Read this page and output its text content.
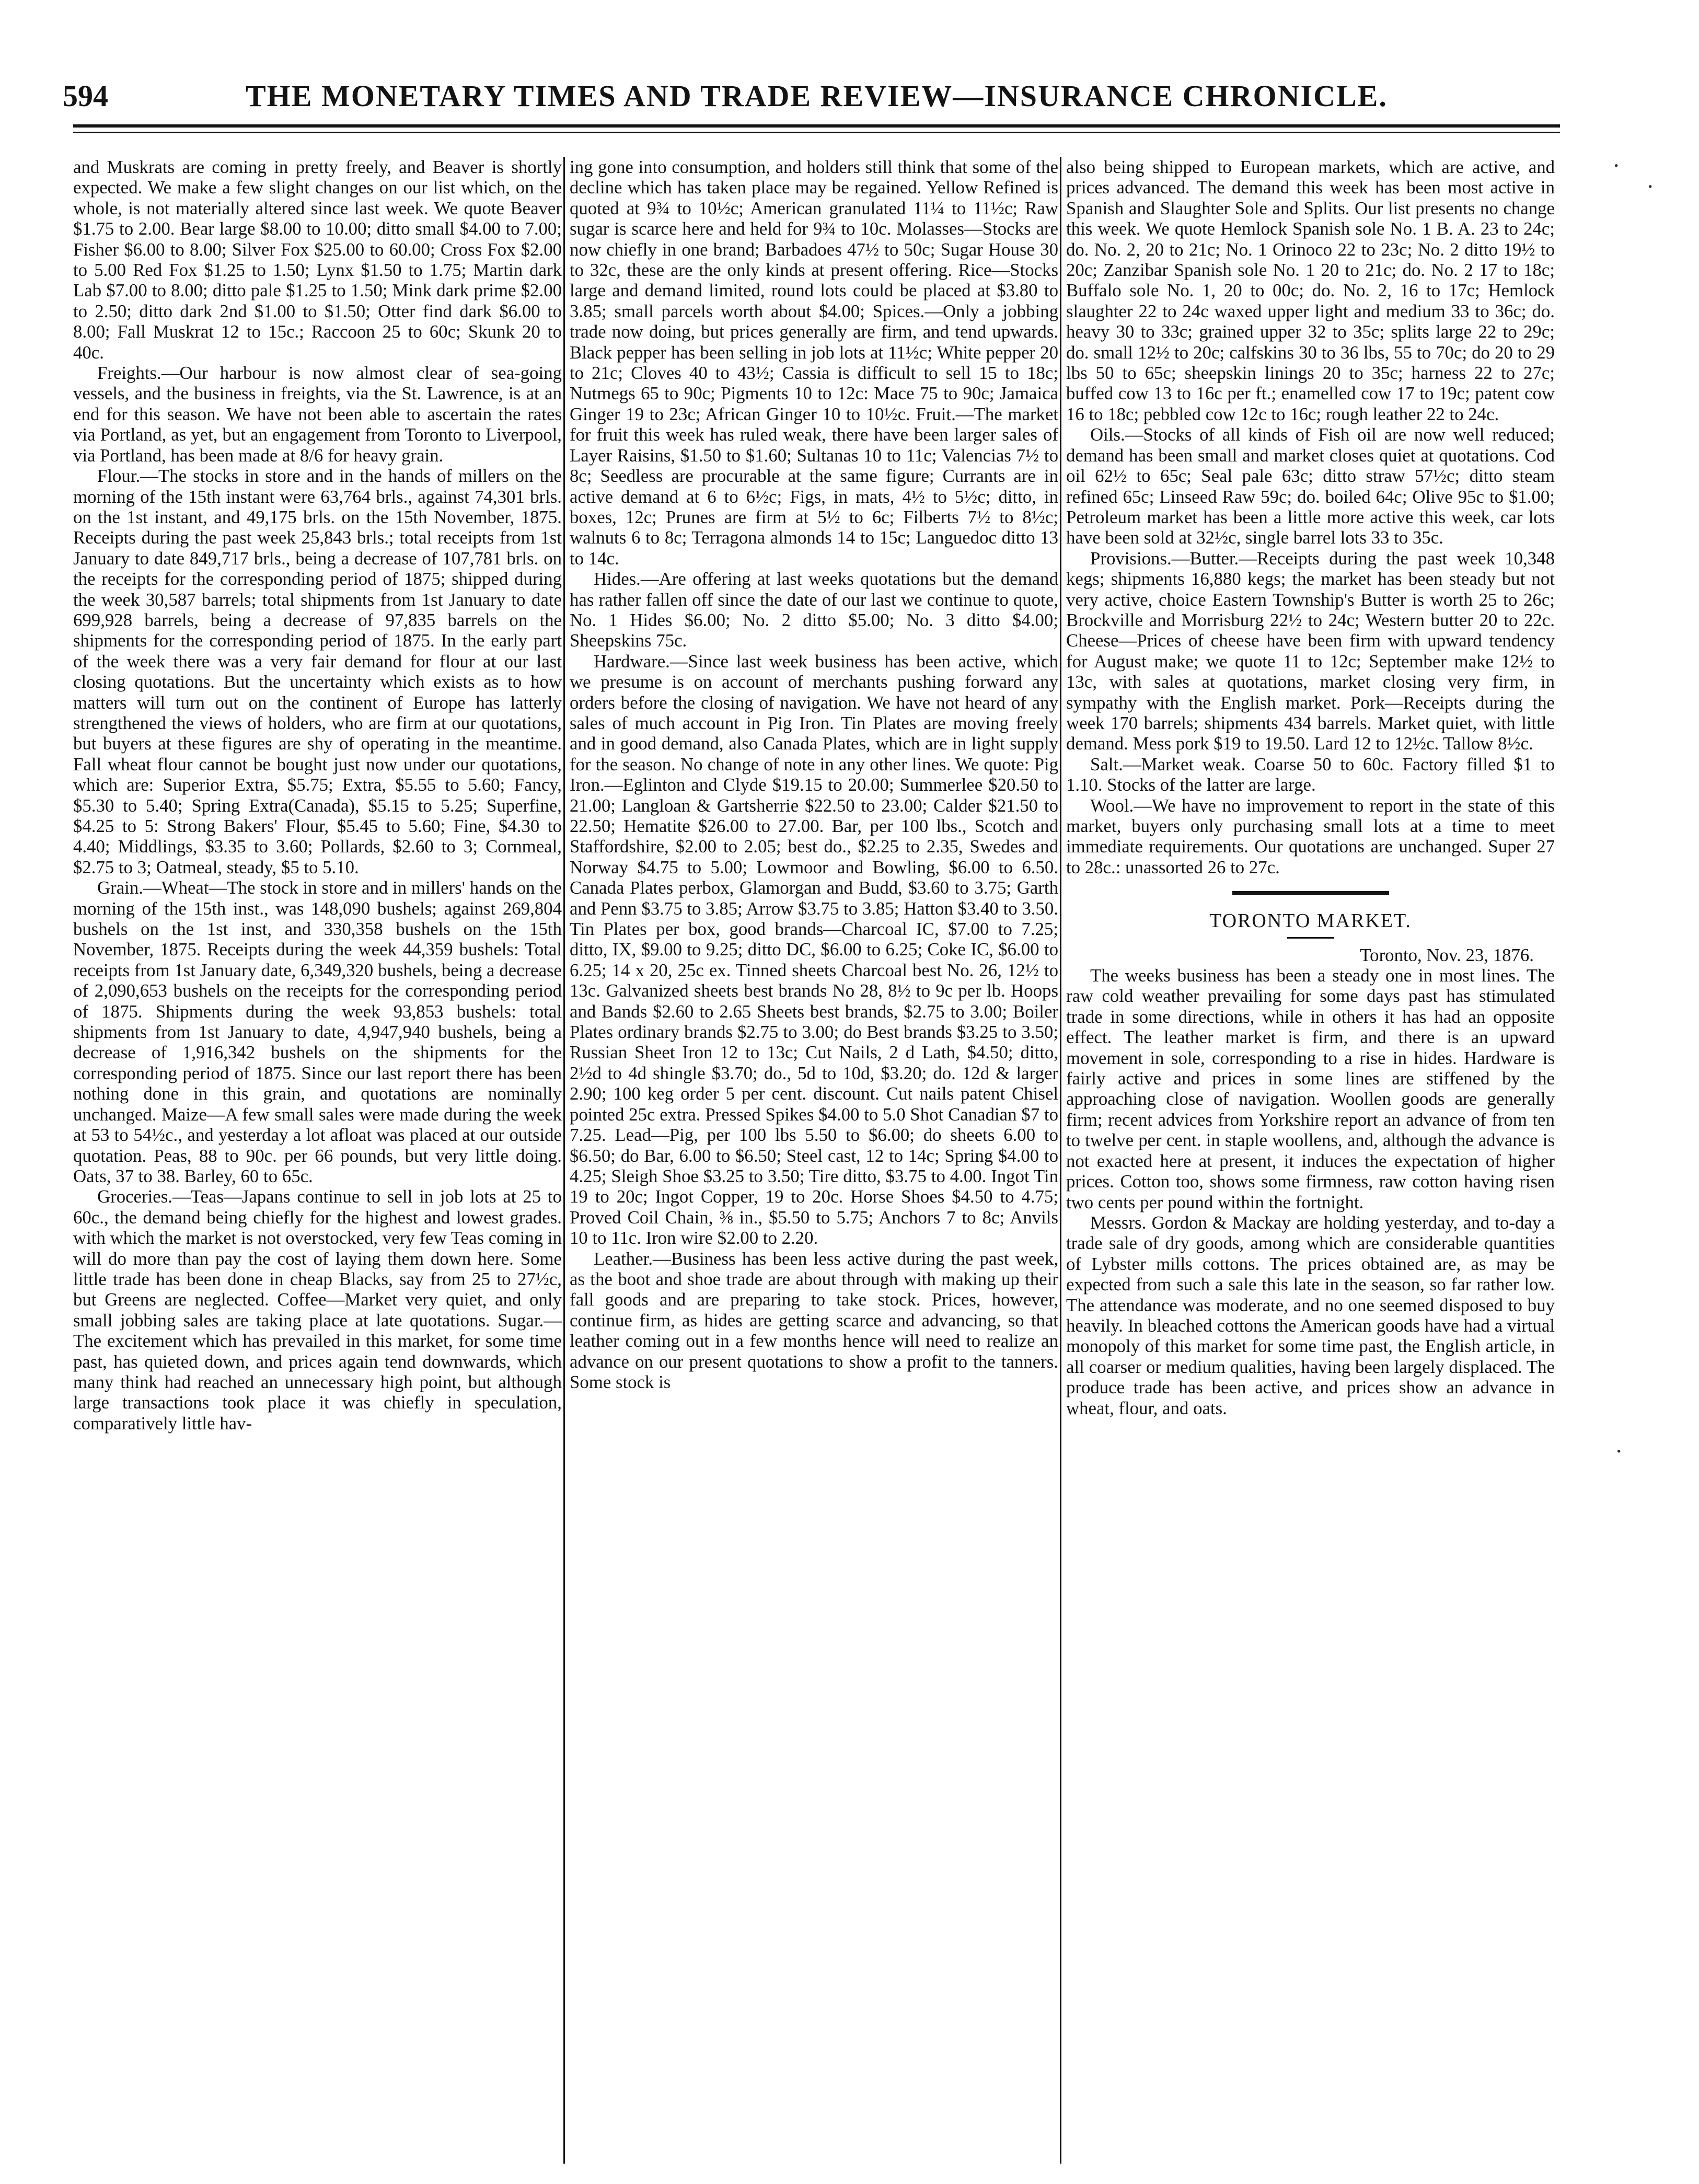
594	THE MONETARY TIMES AND TRADE REVIEW—INSURANCE CHRONICLE.

and Muskrats are coming in pretty freely, and Beaver is shortly expected. We make a few slight changes on our list which, on the whole, is not materially altered since last week. We quote Beaver $1.75 to 2.00. Bear large $8.00 to 10.00; ditto small $4.00 to 7.00; Fisher $6.00 to 8.00; Silver Fox $25.00 to 60.00; Cross Fox $2.00 to 5.00 Red Fox $1.25 to 1.50; Lynx $1.50 to 1.75; Martin dark Lab $7.00 to 8.00; ditto pale $1.25 to 1.50; Mink dark prime $2.00 to 2.50; ditto dark 2nd $1.00 to $1.50; Otter find dark $6.00 to 8.00; Fall Muskrat 12 to 15c.; Raccoon 25 to 60c; Skunk 20 to 40c.

Freights.—Our harbour is now almost clear of sea-going vessels, and the business in freights, via the St. Lawrence, is at an end for this season. We have not been able to ascertain the rates via Portland, as yet, but an engagement from Toronto to Liverpool, via Portland, has been made at 8/6 for heavy grain.

Flour.—The stocks in store and in the hands of millers on the morning of the 15th instant were 63,764 brls., against 74,301 brls. on the 1st instant, and 49,175 brls. on the 15th November, 1875. Receipts during the past week 25,843 brls.; total receipts from 1st January to date 849,717 brls., being a decrease of 107,781 brls. on the receipts for the corresponding period of 1875; shipped during the week 30,587 barrels; total shipments from 1st January to date 699,928 barrels, being a decrease of 97,835 barrels on the shipments for the corresponding period of 1875. In the early part of the week there was a very fair demand for flour at our last closing quotations. But the uncertainty which exists as to how matters will turn out on the continent of Europe has latterly strengthened the views of holders, who are firm at our quotations, but buyers at these figures are shy of operating in the meantime. Fall wheat flour cannot be bought just now under our quotations, which are: Superior Extra, $5.75; Extra, $5.55 to 5.60; Fancy, $5.30 to 5.40; Spring Extra(Canada), $5.15 to 5.25; Superfine, $4.25 to 5: Strong Bakers' Flour, $5.45 to 5.60; Fine, $4.30 to 4.40; Middlings, $3.35 to 3.60; Pollards, $2.60 to 3; Cornmeal, $2.75 to 3; Oatmeal, steady, $5 to 5.10.

Grain.—Wheat—The stock in store and in millers' hands on the morning of the 15th inst., was 148,090 bushels; against 269,804 bushels on the 1st inst, and 330,358 bushels on the 15th November, 1875. Receipts during the week 44,359 bushels: Total receipts from 1st January date, 6,349,320 bushels, being a decrease of 2,090,653 bushels on the receipts for the corresponding period of 1875. Shipments during the week 93,853 bushels: total shipments from 1st January to date, 4,947,940 bushels, being a decrease of 1,916,342 bushels on the shipments for the corresponding period of 1875. Since our last report there has been nothing done in this grain, and quotations are nominally unchanged. Maize—A few small sales were made during the week at 53 to 54½c., and yesterday a lot afloat was placed at our outside quotation. Peas, 88 to 90c. per 66 pounds, but very little doing. Oats, 37 to 38. Barley, 60 to 65c.

Groceries.—Teas—Japans continue to sell in job lots at 25 to 60c., the demand being chiefly for the highest and lowest grades. with which the market is not overstocked, very few Teas coming in will do more than pay the cost of laying them down here. Some little trade has been done in cheap Blacks, say from 25 to 27½c, but Greens are neglected. Coffee—Market very quiet, and only small jobbing sales are taking place at late quotations. Sugar.—The excitement which has prevailed in this market, for some time past, has quieted down, and prices again tend downwards, which many think had reached an unnecessary high point, but although large transactions took place it was chiefly in speculation, comparatively little hav-

ing gone into consumption, and holders still think that some of the decline which has taken place may be regained. Yellow Refined is quoted at 9¾ to 10½c; American granulated 11¼ to 11½c; Raw sugar is scarce here and held for 9¾ to 10c. Molasses—Stocks are now chiefly in one brand; Barbadoes 47½ to 50c; Sugar House 30 to 32c, these are the only kinds at present offering. Rice—Stocks large and demand limited, round lots could be placed at $3.80 to 3.85; small parcels worth about $4.00; Spices.—Only a jobbing trade now doing, but prices generally are firm, and tend upwards. Black pepper has been selling in job lots at 11½c; White pepper 20 to 21c; Cloves 40 to 43½; Cassia is difficult to sell 15 to 18c; Nutmegs 65 to 90c; Pigments 10 to 12c: Mace 75 to 90c; Jamaica Ginger 19 to 23c; African Ginger 10 to 10½c. Fruit.—The market for fruit this week has ruled weak, there have been larger sales of Layer Raisins, $1.50 to $1.60; Sultanas 10 to 11c; Valencias 7½ to 8c; Seedless are procurable at the same figure; Currants are in active demand at 6 to 6½c; Figs, in mats, 4½ to 5½c; ditto, in boxes, 12c; Prunes are firm at 5½ to 6c; Filberts 7½ to 8½c; walnuts 6 to 8c; Terragona almonds 14 to 15c; Languedoc ditto 13 to 14c.

Hides.—Are offering at last weeks quotations but the demand has rather fallen off since the date of our last we continue to quote, No. 1 Hides $6.00; No. 2 ditto $5.00; No. 3 ditto $4.00; Sheepskins 75c.

Hardware.—Since last week business has been active, which we presume is on account of merchants pushing forward any orders before the closing of navigation. We have not heard of any sales of much account in Pig Iron. Tin Plates are moving freely and in good demand, also Canada Plates, which are in light supply for the season. No change of note in any other lines. We quote: Pig Iron.—Eglinton and Clyde $19.15 to 20.00; Summerlee $20.50 to 21.00; Langloan & Gartsherrie $22.50 to 23.00; Calder $21.50 to 22.50; Hematite $26.00 to 27.00. Bar, per 100 lbs., Scotch and Staffordshire, $2.00 to 2.05; best do., $2.25 to 2.35, Swedes and Norway $4.75 to 5.00; Lowmoor and Bowling, $6.00 to 6.50. Canada Plates perbox, Glamorgan and Budd, $3.60 to 3.75; Garth and Penn $3.75 to 3.85; Arrow $3.75 to 3.85; Hatton $3.40 to 3.50. Tin Plates per box, good brands—Charcoal IC, $7.00 to 7.25; ditto, IX, $9.00 to 9.25; ditto DC, $6.00 to 6.25; Coke IC, $6.00 to 6.25; 14 x 20, 25c ex. Tinned sheets Charcoal best No. 26, 12½ to 13c. Galvanized sheets best brands No 28, 8½ to 9c per lb. Hoops and Bands $2.60 to 2.65 Sheets best brands, $2.75 to 3.00; Boiler Plates ordinary brands $2.75 to 3.00; do Best brands $3.25 to 3.50; Russian Sheet Iron 12 to 13c; Cut Nails, 2 d Lath, $4.50; ditto, 2½d to 4d shingle $3.70; do., 5d to 10d, $3.20; do. 12d & larger 2.90; 100 keg order 5 per cent. discount. Cut nails patent Chisel pointed 25c extra. Pressed Spikes $4.00 to 5.0 Shot Canadian $7 to 7.25. Lead—Pig, per 100 lbs 5.50 to $6.00; do sheets 6.00 to $6.50; do Bar, 6.00 to $6.50; Steel cast, 12 to 14c; Spring $4.00 to 4.25; Sleigh Shoe $3.25 to 3.50; Tire ditto, $3.75 to 4.00. Ingot Tin 19 to 20c; Ingot Copper, 19 to 20c. Horse Shoes $4.50 to 4.75; Proved Coil Chain, ⅜ in., $5.50 to 5.75; Anchors 7 to 8c; Anvils 10 to 11c. Iron wire $2.00 to 2.20.

Leather.—Business has been less active during the past week, as the boot and shoe trade are about through with making up their fall goods and are preparing to take stock. Prices, however, continue firm, as hides are getting scarce and advancing, so that leather coming out in a few months hence will need to realize an advance on our present quotations to show a profit to the tanners. Some stock is

also being shipped to European markets, which are active, and prices advanced. The demand this week has been most active in Spanish and Slaughter Sole and Splits. Our list presents no change this week. We quote Hemlock Spanish sole No. 1 B. A. 23 to 24c; do. No. 2, 20 to 21c; No. 1 Orinoco 22 to 23c; No. 2 ditto 19½ to 20c; Zanzibar Spanish sole No. 1 20 to 21c; do. No. 2 17 to 18c; Buffalo sole No. 1, 20 to 00c; do. No. 2, 16 to 17c; Hemlock slaughter 22 to 24c waxed upper light and medium 33 to 36c; do. heavy 30 to 33c; grained upper 32 to 35c; splits large 22 to 29c; do. small 12½ to 20c; calfskins 30 to 36 lbs, 55 to 70c; do 20 to 29 lbs 50 to 65c; sheepskin linings 20 to 35c; harness 22 to 27c; buffed cow 13 to 16c per ft.; enamelled cow 17 to 19c; patent cow 16 to 18c; pebbled cow 12c to 16c; rough leather 22 to 24c.

Oils.—Stocks of all kinds of Fish oil are now well reduced; demand has been small and market closes quiet at quotations. Cod oil 62½ to 65c; Seal pale 63c; ditto straw 57½c; ditto steam refined 65c; Linseed Raw 59c; do. boiled 64c; Olive 95c to $1.00; Petroleum market has been a little more active this week, car lots have been sold at 32½c, single barrel lots 33 to 35c.

Provisions.—Butter.—Receipts during the past week 10,348 kegs; shipments 16,880 kegs; the market has been steady but not very active, choice Eastern Township's Butter is worth 25 to 26c; Brockville and Morrisburg 22½ to 24c; Western butter 20 to 22c. Cheese—Prices of cheese have been firm with upward tendency for August make; we quote 11 to 12c; September make 12½ to 13c, with sales at quotations, market closing very firm, in sympathy with the English market. Pork—Receipts during the week 170 barrels; shipments 434 barrels. Market quiet, with little demand. Mess pork $19 to 19.50. Lard 12 to 12½c. Tallow 8½c.

Salt.—Market weak. Coarse 50 to 60c. Factory filled $1 to 1.10. Stocks of the latter are large.

Wool.—We have no improvement to report in the state of this market, buyers only purchasing small lots at a time to meet immediate requirements. Our quotations are unchanged. Super 27 to 28c.: unassorted 26 to 27c.

TORONTO MARKET.
Toronto, Nov. 23, 1876.

The weeks business has been a steady one in most lines. The raw cold weather prevailing for some days past has stimulated trade in some directions, while in others it has had an opposite effect. The leather market is firm, and there is an upward movement in sole, corresponding to a rise in hides. Hardware is fairly active and prices in some lines are stiffened by the approaching close of navigation. Woollen goods are generally firm; recent advices from Yorkshire report an advance of from ten to twelve per cent. in staple woollens, and, although the advance is not exacted here at present, it induces the expectation of higher prices. Cotton too, shows some firmness, raw cotton having risen two cents per pound within the fortnight.

Messrs. Gordon & Mackay are holding yesterday, and to-day a trade sale of dry goods, among which are considerable quantities of Lybster mills cottons. The prices obtained are, as may be expected from such a sale this late in the season, so far rather low. The attendance was moderate, and no one seemed disposed to buy heavily. In bleached cottons the American goods have had a virtual monopoly of this market for some time past, the English article, in all coarser or medium qualities, having been largely displaced. The produce trade has been active, and prices show an advance in wheat, flour, and oats.

·
·
·
